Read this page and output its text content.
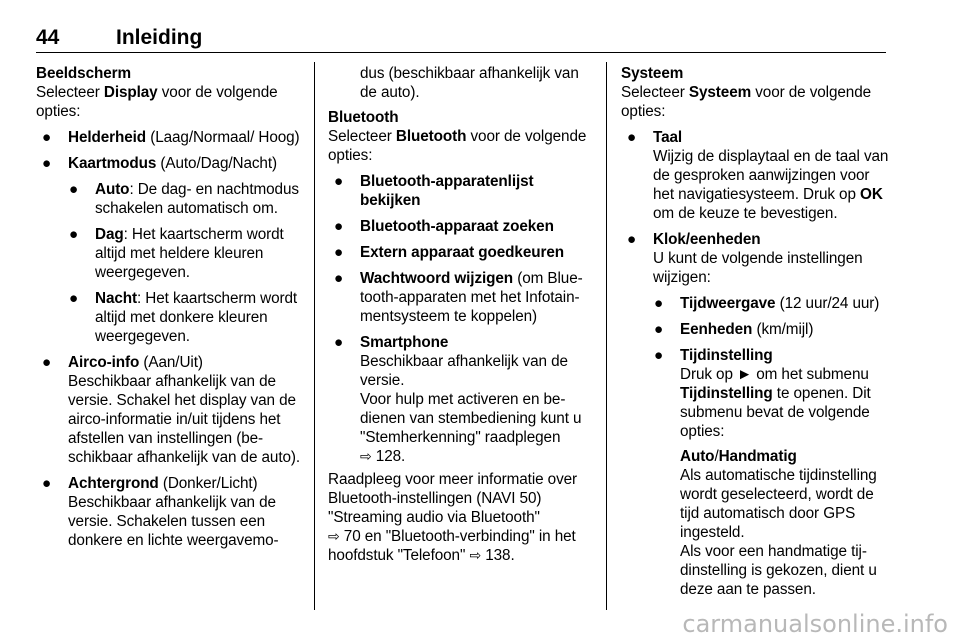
44	Inleiding

Beeldscherm

Selecteer Display voor de volgende opties:

● Helderheid (Laag/Normaal/ Hoog)
● Kaartmodus (Auto/Dag/Nacht)
● Auto: De dag- en nachtmodus schakelen automatisch om.
● Dag: Het kaartscherm wordt altijd met heldere kleuren weergegeven.
● Nacht: Het kaartscherm wordt altijd met donkere kleuren weergegeven.
● Airco-info (Aan/Uit)

Beschikbaar afhankelijk van de versie. Schakel het display van de airco-informatie in/uit tijdens het afstellen van instellingen (beschikbaar afhankelijk van de auto).

● Achtergrond (Donker/Licht)

Beschikbaar afhankelijk van de versie. Schakelen tussen een donkere en lichte weergavemo-

dus (beschikbaar afhankelijk van de auto).

Bluetooth

Selecteer Bluetooth voor de volgende opties:

● Bluetooth-apparatenlijst bekijken
● Bluetooth-apparaat zoeken
● Extern apparaat goedkeuren
● Wachtwoord wijzigen (om Bluetooth-apparaten met het Infotainmentsysteem te koppelen)
● Smartphone

Beschikbaar afhankelijk van de versie.

Voor hulp met activeren en bedienen van stembediening kunt u "Stemherkenning" raadplegen
⇨ 128.

Raadpleeg voor meer informatie over Bluetooth-instellingen (NAVI 50) "Streaming audio via Bluetooth"
⇨ 70 en "Bluetooth-verbinding" in het hoofdstuk "Telefoon" ⇨ 138.

Systeem

Selecteer Systeem voor de volgende opties:

● Taal

Wijzig de displaytaal en de taal van de gesproken aanwijzingen voor het navigatiesysteem. Druk op OK om de keuze te bevestigen.

● Klok/eenheden

U kunt de volgende instellingen wijzigen:

● Tijdweergave (12 uur/24 uur)
● Eenheden (km/mijl)
● Tijdinstelling

Druk op ► om het submenu
Tijdinstelling te openen. Dit submenu bevat de volgende opties:

Auto/Handmatig

Als automatische tijdinstelling wordt geselecteerd, wordt de tijd automatisch door GPS ingesteld.

Als voor een handmatige tijdinstelling is gekozen, dient u deze aan te passen.

carmanualsonline.info
